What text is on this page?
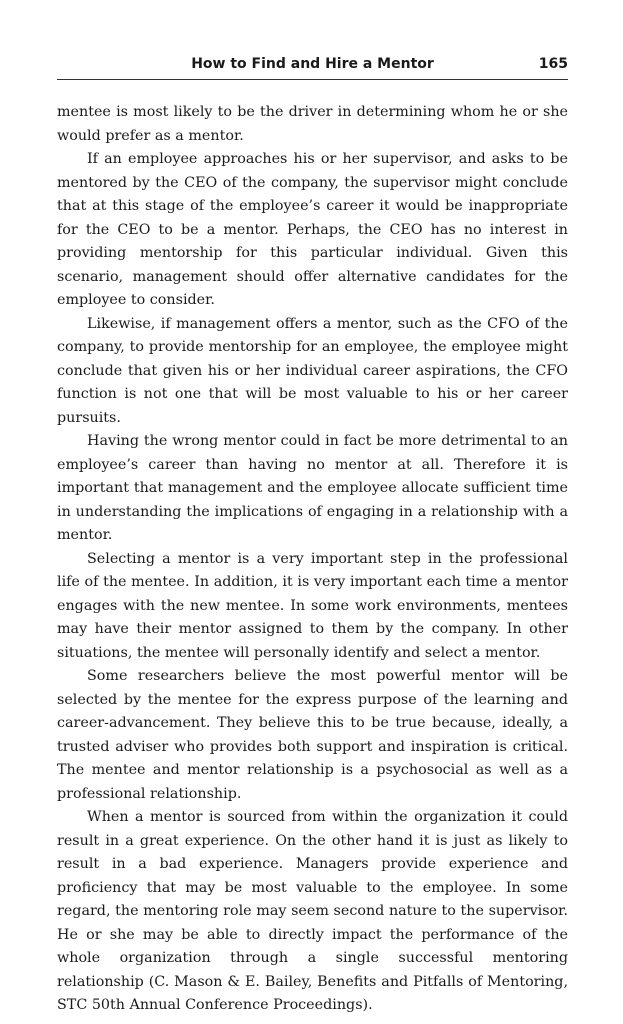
How to Find and Hire a Mentor	165

mentee is most likely to be the driver in determining whom he or she would prefer as a mentor.

If an employee approaches his or her supervisor, and asks to be mentored by the CEO of the company, the supervisor might conclude that at this stage of the employee’s career it would be inappropriate for the CEO to be a mentor. Perhaps, the CEO has no interest in providing mentorship for this particular individual. Given this scenario, management should offer alternative candidates for the employee to consider.

Likewise, if management offers a mentor, such as the CFO of the company, to provide mentorship for an employee, the employee might conclude that given his or her individual career aspirations, the CFO function is not one that will be most valuable to his or her career pursuits.

Having the wrong mentor could in fact be more detrimental to an employee’s career than having no mentor at all. Therefore it is important that management and the employee allocate sufficient time in understanding the implications of engaging in a relationship with a mentor.

Selecting a mentor is a very important step in the professional life of the mentee. In addition, it is very important each time a mentor engages with the new mentee. In some work environments, mentees may have their mentor assigned to them by the company. In other situations, the mentee will personally identify and select a mentor.

Some researchers believe the most powerful mentor will be selected by the mentee for the express purpose of the learning and career-advancement. They believe this to be true because, ideally, a trusted adviser who provides both support and inspiration is critical. The mentee and mentor relationship is a psychosocial as well as a professional relationship.

When a mentor is sourced from within the organization it could result in a great experience. On the other hand it is just as likely to result in a bad experience. Managers provide experience and proficiency that may be most valuable to the employee. In some regard, the mentoring role may seem second nature to the supervisor. He or she may be able to directly impact the performance of the whole organization through a single successful mentoring relationship (C. Mason & E. Bailey, Benefits and Pitfalls of Mentoring, STC 50th Annual Conference Proceedings).
